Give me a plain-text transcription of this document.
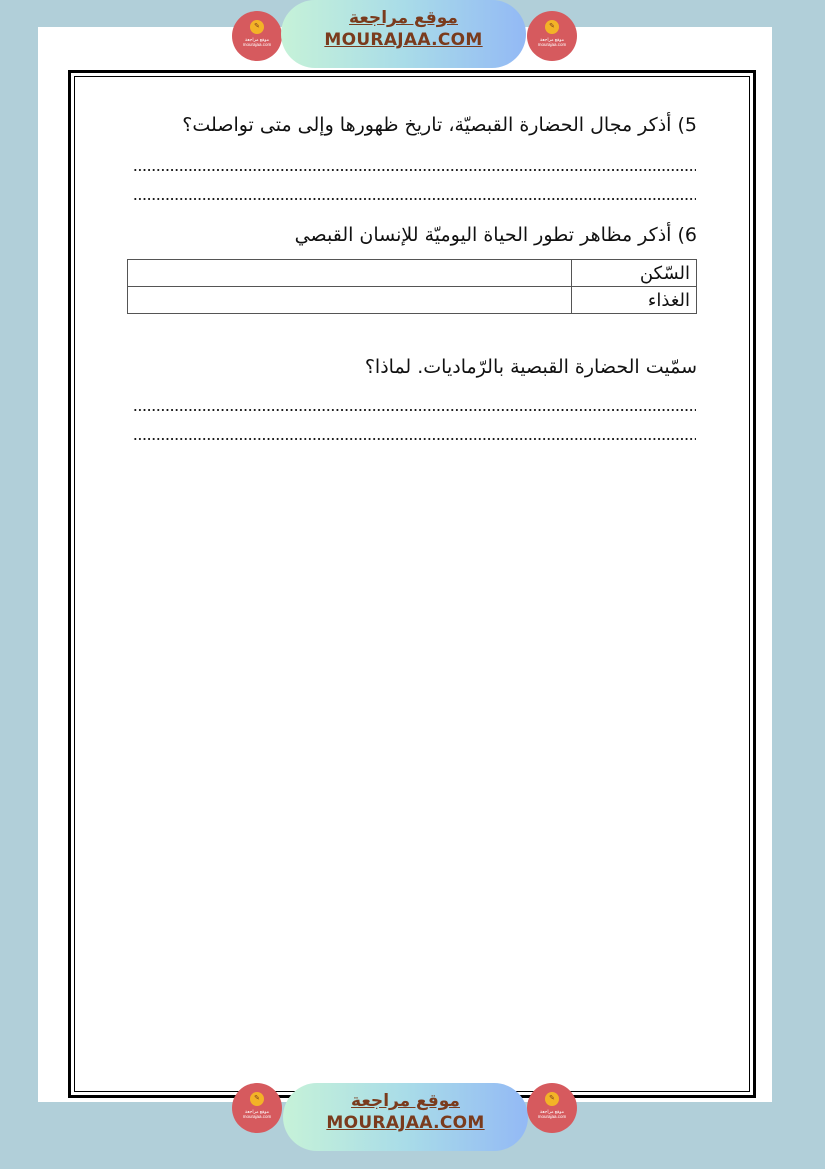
✎
موقع مراجعة
mourajaa.com
موقع مراجعة
MOURAJAA.COM
✎
موقع مراجعة
mourajaa.com
5) أذكر مجال الحضارة القبصيّة، تاريخ ظهورها وإلى متى تواصلت؟
6) أذكر مظاهر تطور الحياة اليوميّة للإنسان القبصي
السّكن	
الغذاء	
سمّيت الحضارة القبصية بالرّماديات. لماذا؟
✎
موقع مراجعة
mourajaa.com
موقع مراجعة
MOURAJAA.COM
✎
موقع مراجعة
mourajaa.com
